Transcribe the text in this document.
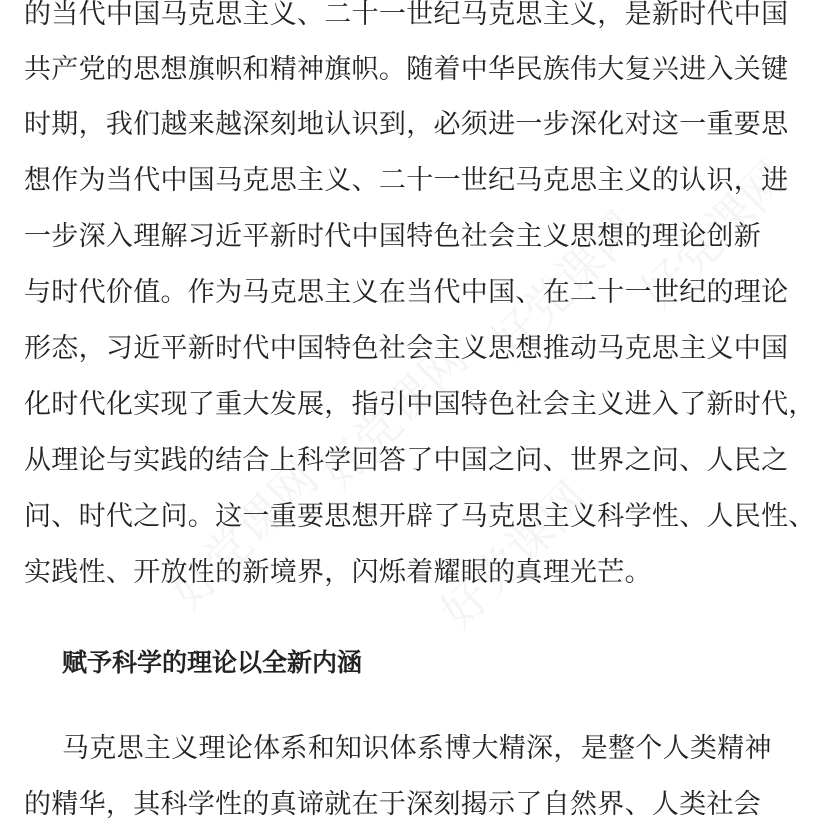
好党课网
好党课网
好党课网 好党课网
好党课网
的当代中国马克思主义、二十一世纪马克思主义，是新时代中国
共产党的思想旗帜和精神旗帜。随着中华民族伟大复兴进入关键
时期，我们越来越深刻地认识到，必须进一步深化对这一重要思
想作为当代中国马克思主义、二十一世纪马克思主义的认识，进
一步深入理解习近平新时代中国特色社会主义思想的理论创新
与时代价值。作为马克思主义在当代中国、在二十一世纪的理论
形态，习近平新时代中国特色社会主义思想推动马克思主义中国
化时代化实现了重大发展，指引中国特色社会主义进入了新时代，
从理论与实践的结合上科学回答了中国之问、世界之问、人民之
问、时代之问。这一重要思想开辟了马克思主义科学性、人民性、
实践性、开放性的新境界，闪烁着耀眼的真理光芒。
赋予科学的理论以全新内涵
马克思主义理论体系和知识体系博大精深，是整个人类精神
的精华，其科学性的真谛就在于深刻揭示了自然界、人类社会
